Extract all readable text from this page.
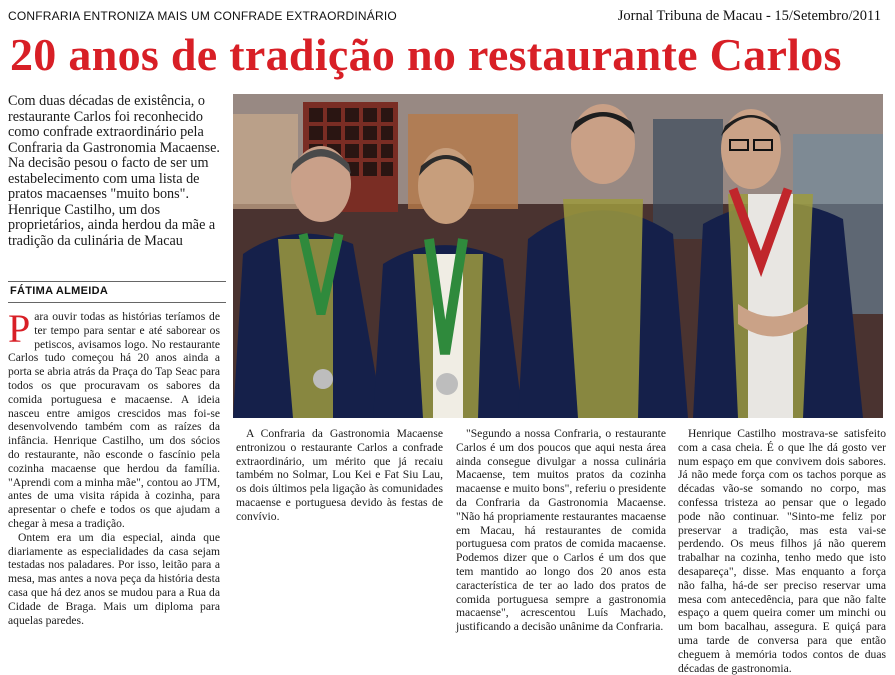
CONFRARIA ENTRONIZA MAIS UM CONFRADE EXTRAORDINÁRIO	Jornal Tribuna de Macau - 15/Setembro/2011
20 anos de tradição no restaurante Carlos
Com duas décadas de existência, o restaurante Carlos foi reconhecido como confrade extraordinário pela Confraria da Gastronomia Macaense. Na decisão pesou o facto de ser um estabelecimento com uma lista de pratos macaenses "muito bons". Henrique Castilho, um dos proprietários, ainda herdou da mãe a tradição da culinária de Macau
FÁTIMA ALMEIDA
P ara ouvir todas as histórias teríamos de ter tempo para sentar e até saborear os petiscos, avisamos logo. No restaurante Carlos tudo começou há 20 anos ainda a porta se abria atrás da Praça do Tap Seac para todos os que procuravam os sabores da comida portuguesa e macaense. A ideia nasceu entre amigos crescidos mas foi-se desenvolvendo também com as raízes da infância. Henrique Castilho, um dos sócios do restaurante, não esconde o fascínio pela cozinha macaense que herdou da família. "Aprendi com a minha mãe", contou ao JTM, antes de uma visita rápida à cozinha, para apresentar o chefe e todos os que ajudam a chegar à mesa a tradição.

Ontem era um dia especial, ainda que diariamente as especialidades da casa sejam testadas nos paladares. Por isso, leitão para a mesa, mas antes a nova peça da história desta casa que há dez anos se mudou para a Rua da Cidade de Braga. Mais um diploma para aquelas paredes.

A Confraria da Gastronomia Macaense entronizou o restaurante Carlos a confrade extraordinário, um mérito que já recaiu também no Solmar, Lou Kei e Fat Siu Lau, os dois últimos pela ligação às comunidades macaense e portuguesa devido às festas de convívio.

"Segundo a nossa Confraria, o restaurante Carlos é um dos poucos que aqui nesta área ainda consegue divulgar a nossa culinária Macaense, tem muitos pratos da cozinha macaense e muito bons", referiu o presidente da Confraria da Gastronomia Macaense. "Não há propriamente restaurantes macaense em Macau, há restaurantes de comida portuguesa com pratos de comida macaense. Podemos dizer que o Carlos é um dos que tem mantido ao longo dos 20 anos esta característica de ter ao lado dos pratos de comida portuguesa sempre a gastronomia macaense", acrescentou Luís Machado, justificando a decisão unânime da Confraria.

Henrique Castilho mostrava-se satisfeito com a casa cheia. É o que lhe dá gosto ver num espaço em que convivem dois sabores. Já não mede força com os tachos porque as décadas vão-se somando no corpo, mas confessa tristeza ao pensar que o legado pode não continuar. "Sinto-me feliz por preservar a tradição, mas esta vai-se perdendo. Os meus filhos já não querem trabalhar na cozinha, tenho medo que isto desapareça", disse. Mas enquanto a força não falha, há-de ser preciso reservar uma mesa com antecedência, para que não falte espaço a quem queira comer um minchi ou um bom bacalhau, assegura. E quiçá para uma tarde de conversa para que então cheguem à memória todos contos de duas décadas de gastronomia.
